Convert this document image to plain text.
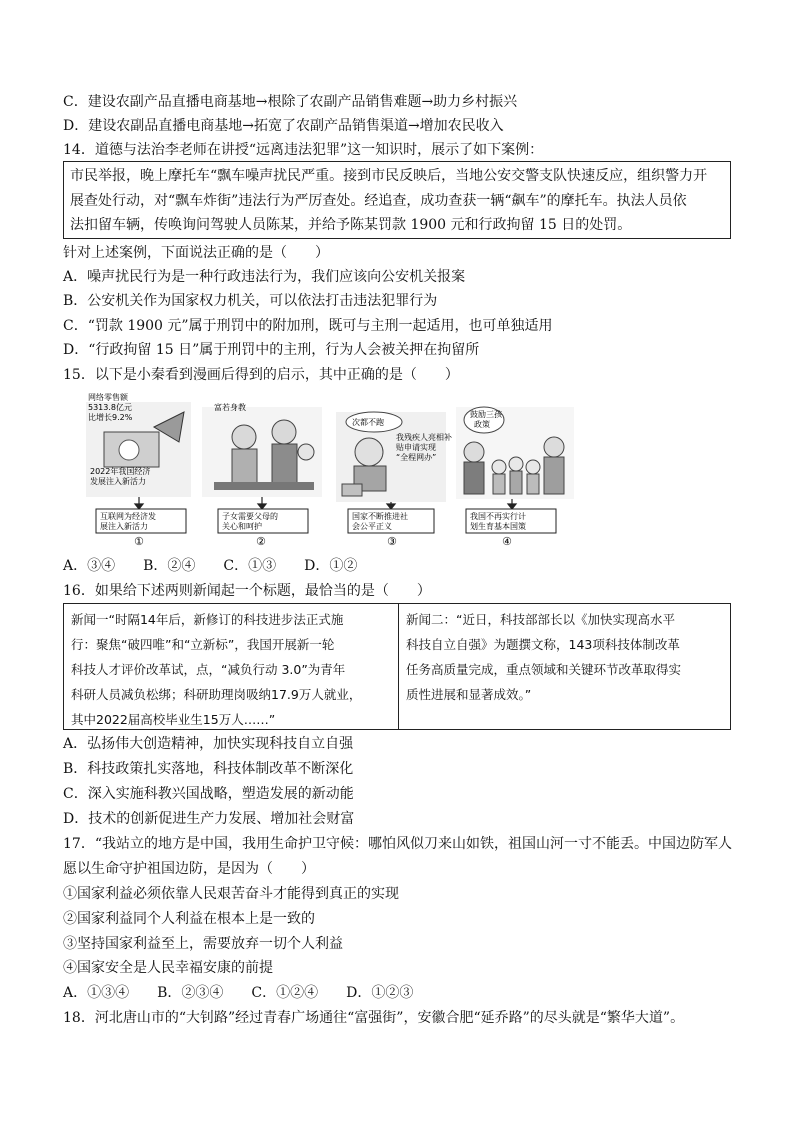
C．建设农副产品直播电商基地→根除了农副产品销售难题→助力乡村振兴
D．建设农副品直播电商基地→拓宽了农副产品销售渠道→增加农民收入
14．道德与法治李老师在讲授“远离违法犯罪”这一知识时，展示了如下案例：
市民举报，晚上摩托车“飘车噪声扰民严重。接到市民反映后，当地公安交警支队快速反应，组织警力开
展查处行动，对“飘车炸街”违法行为严厉查处。经追查，成功查获一辆“飙车”的摩托车。执法人员依
法扣留车辆，传唤询问驾驶人员陈某，并给予陈某罚款 1900 元和行政拘留 15 日的处罚。
针对上述案例，下面说法正确的是（　　）
A．噪声扰民行为是一种行政违法行为，我们应该向公安机关报案
B．公安机关作为国家权力机关，可以依法打击违法犯罪行为
C．“罚款 1900 元”属于刑罚中的附加刑，既可与主刑一起适用，也可单独适用
D．“行政拘留 15 日”属于刑罚中的主刑，行为人会被关押在拘留所
15．以下是小秦看到漫画后得到的启示，其中正确的是（　　）
网络零售额 5313.8亿元 比增长9.2%
2022年我国经济 发展注入新活力
富若身教
次都不跑
我残疾人亮相补 贴申请实现 “全程网办”
鼓励三孩 政策
互联网为经济发展注入新活力
子女需要父母的关心和呵护
国家不断推进社会公平正义
我国不再实行计划生育基本国策
①	②	③	④
A．③④　　B．②④　　C．①③　　D．①②
16．如果给下述两则新闻起一个标题，最恰当的是（　　）
新闻一“时隔14年后，新修订的科技进步法正式施
行：聚焦“破四唯”和“立新标”，我国开展新一轮
科技人才评价改革试，点，“减负行动 3.0”为青年
科研人员减负松绑；科研助理岗吸纳17.9万人就业，
其中2022届高校毕业生15万人……”
新闻二：“近日，科技部部长以《加快实现高水平
科技自立自强》为题撰文称，143项科技体制改革
任务高质量完成，重点领域和关键环节改革取得实
质性进展和显著成效。”
A．弘扬伟大创造精神，加快实现科技自立自强
B．科技政策扎实落地，科技体制改革不断深化
C．深入实施科教兴国战略，塑造发展的新动能
D．技术的创新促进生产力发展、增加社会财富
17．“我站立的地方是中国，我用生命护卫守候：哪怕风似刀来山如铁，祖国山河一寸不能丢。中国边防军人
愿以生命守护祖国边防，是因为（　　）
①国家利益必须依靠人民艰苦奋斗才能得到真正的实现
②国家利益同个人利益在根本上是一致的
③坚持国家利益至上，需要放弃一切个人利益
④国家安全是人民幸福安康的前提
A．①③④　　B．②③④　　C．①②④　　D．①②③
18．河北唐山市的“大钊路”经过青春广场通往“富强街”，安徽合肥“延乔路”的尽头就是“繁华大道”。
